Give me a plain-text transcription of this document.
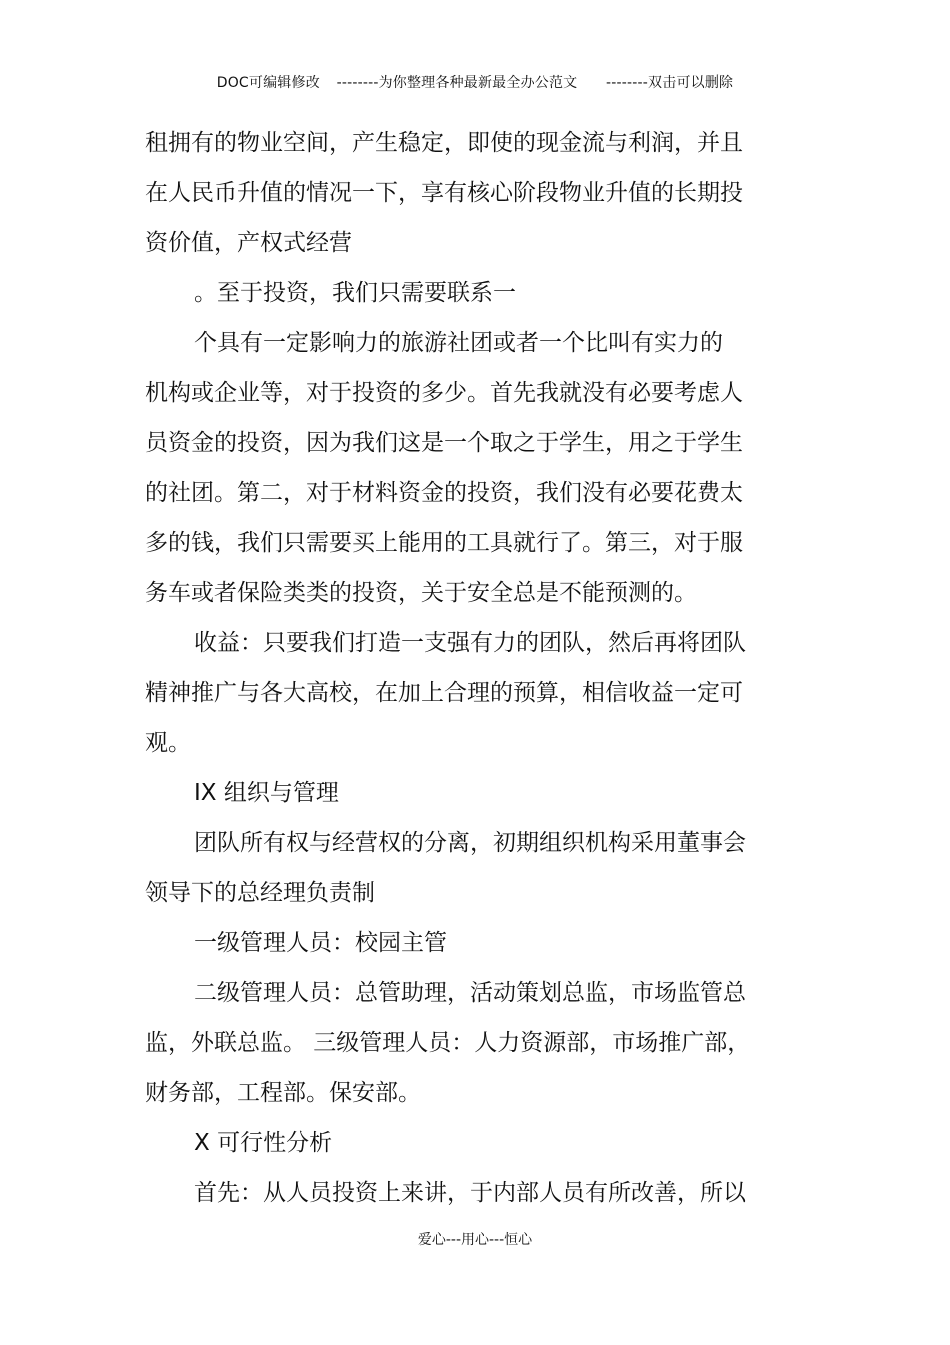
DOC可编辑修改 --------为你整理各种最新最全办公范文 --------双击可以删除
租拥有的物业空间，产生稳定，即使的现金流与利润，并且
在人民币升值的情况一下，享有核心阶段物业升值的长期投
资价值，产权式经营
。至于投资，我们只需要联系一
个具有一定影响力的旅游社团或者一个比叫有实力的
机构或企业等，对于投资的多少。首先我就没有必要考虑人
员资金的投资，因为我们这是一个取之于学生，用之于学生
的社团。第二，对于材料资金的投资，我们没有必要花费太
多的钱，我们只需要买上能用的工具就行了。第三，对于服
务车或者保险类类的投资，关于安全总是不能预测的。
收益：只要我们打造一支强有力的团队，然后再将团队
精神推广与各大高校，在加上合理的预算，相信收益一定可
观。
IX 组织与管理
团队所有权与经营权的分离，初期组织机构采用董事会
领导下的总经理负责制
一级管理人员：校园主管
二级管理人员：总管助理，活动策划总监，市场监管总
监，外联总监。 三级管理人员：人力资源部，市场推广部，
财务部，工程部。保安部。
X 可行性分析
首先：从人员投资上来讲，于内部人员有所改善，所以
爱心---用心---恒心
